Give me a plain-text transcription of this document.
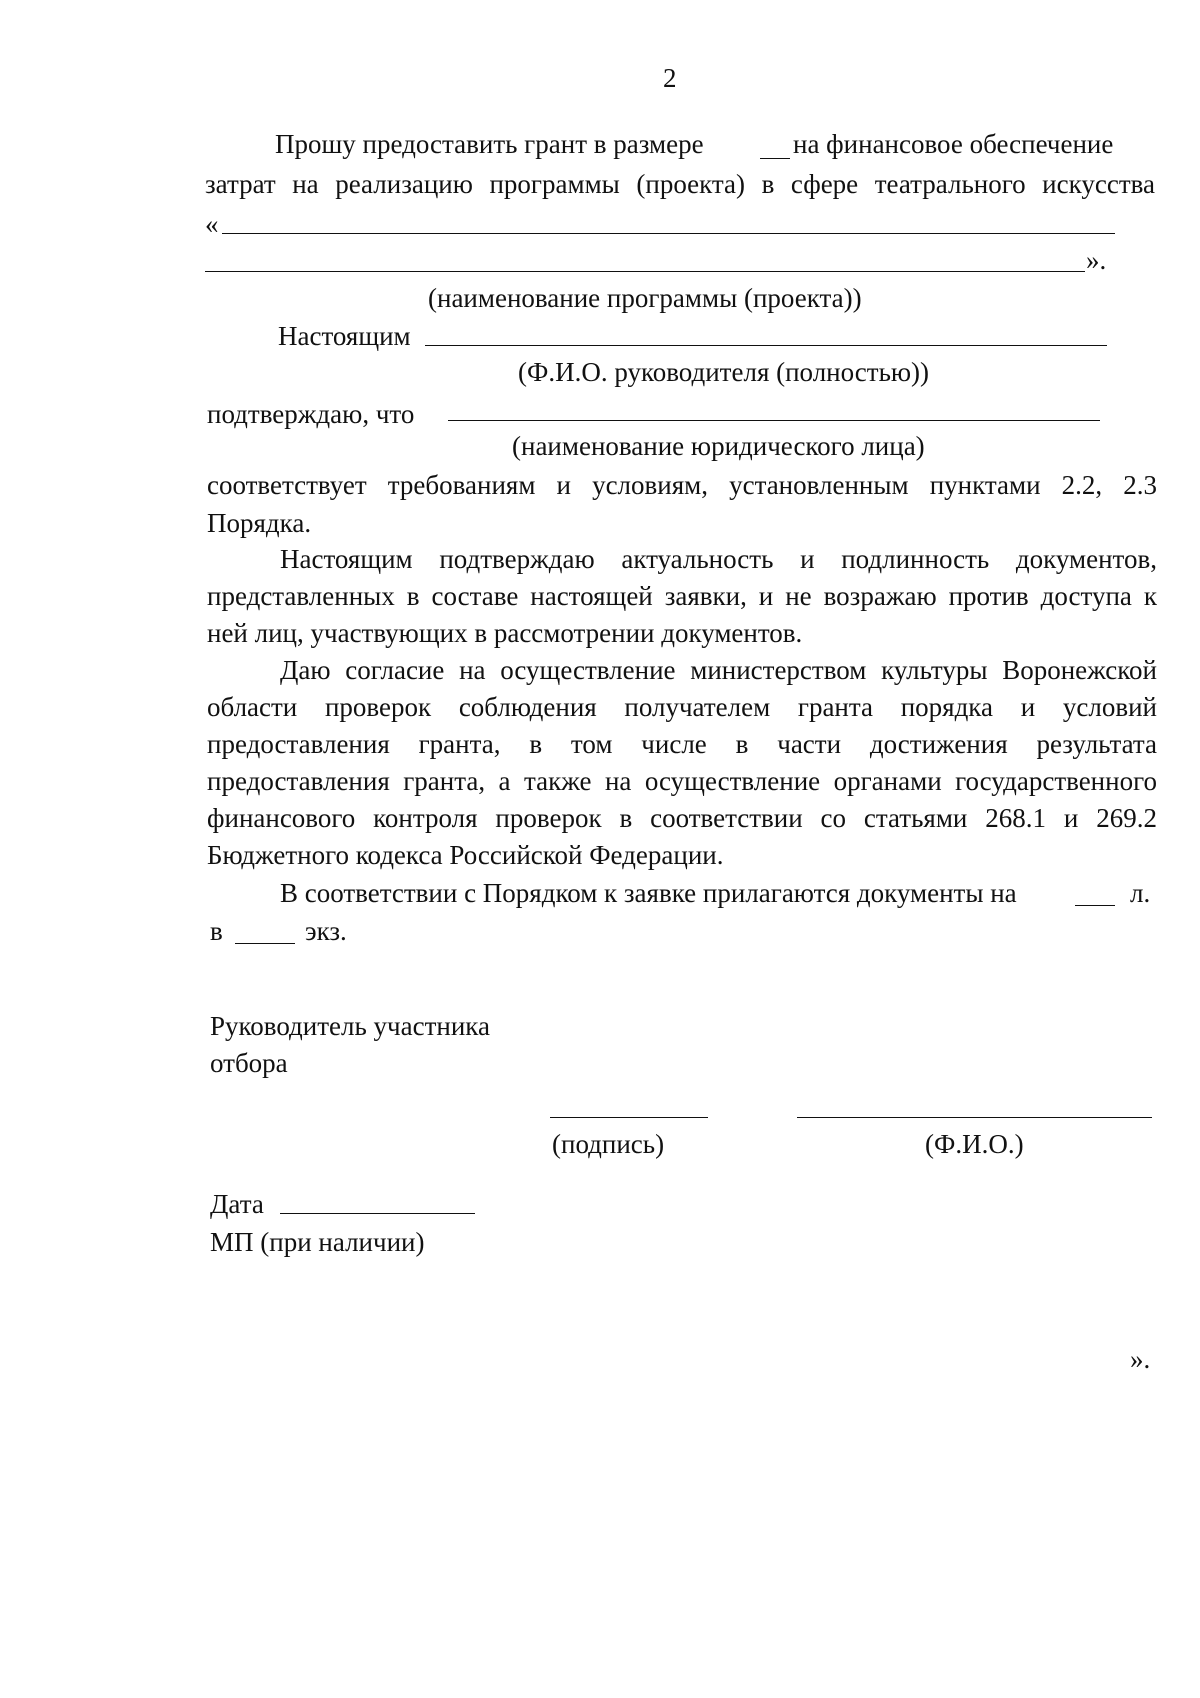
2
Прошу предоставить грант в размере	на финансовое обеспечение
затрат на реализацию программы (проекта) в сфере театрального искусства
«
».
(наименование программы (проекта))
Настоящим
(Ф.И.О. руководителя (полностью))
подтверждаю, что
(наименование юридического лица)
соответствует требованиям и условиям, установленным пунктами 2.2, 2.3
Порядка.
Настоящим подтверждаю актуальность и подлинность документов,
представленных в составе настоящей заявки, и не возражаю против доступа к
ней лиц, участвующих в рассмотрении документов.
Даю согласие на осуществление министерством культуры Воронежской
области проверок соблюдения получателем гранта порядка и условий
предоставления гранта, в том числе в части достижения результата
предоставления гранта, а также на осуществление органами государственного
финансового контроля проверок в соответствии со статьями 268.1 и 269.2
Бюджетного кодекса Российской Федерации.
В соответствии с Порядком к заявке прилагаются документы на	л.
в	экз.
Руководитель участника
отбора
(подпись)	(Ф.И.О.)
Дата
МП (при наличии)
».
